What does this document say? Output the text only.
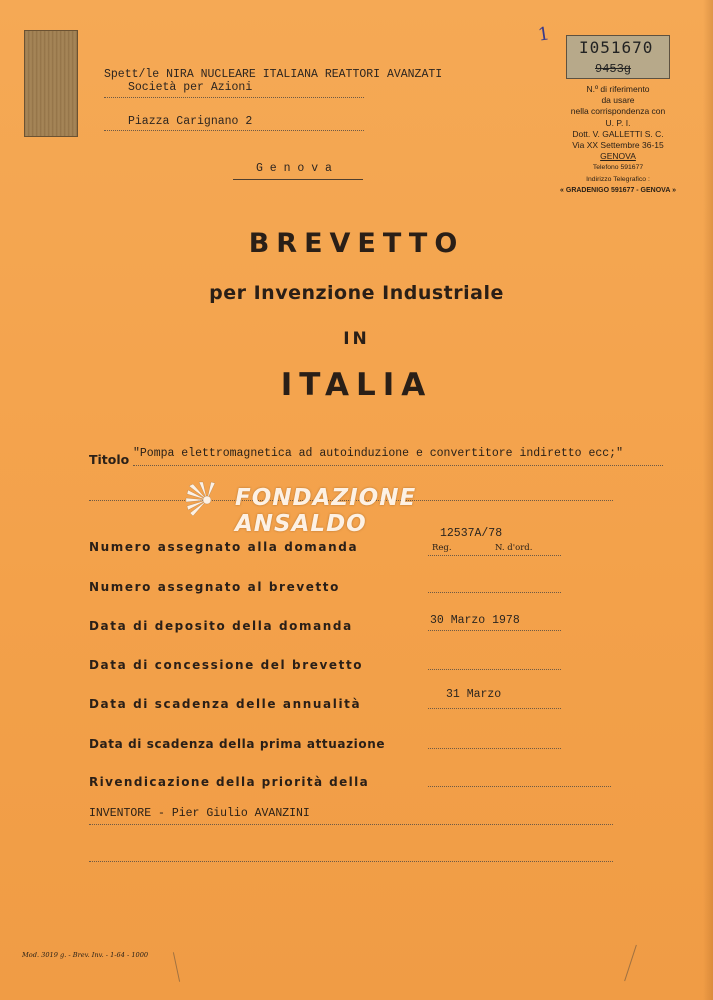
1
I051670
9453g
N.º di riferimento
da usare
nella corrispondenza con
U. P. I.
Dott. V. GALLETTI S. C.
Via XX Settembre 36-15
GENOVA
Telefono 591677
Indirizzo Telegrafico :
« GRADENIGO 591677 - GENOVA »
Spett/le NIRA NUCLEARE ITALIANA REATTORI AVANZATI
Società per Azioni
Piazza Carignano 2
G e n o v a
BREVETTO
per Invenzione Industriale
IN
ITALIA
Titolo "Pompa elettromagnetica ad autoinduzione e convertitore indiretto ecc;"
FONDAZIONE ANSALDO
Numero assegnato alla domanda
12537A/78
Reg.	N. d'ord.
Numero assegnato al brevetto
Data di deposito della domanda	30 Marzo 1978
Data di concessione del brevetto
Data di scadenza delle annualità
31 Marzo
Data di scadenza della prima attuazione
Rivendicazione della priorità della
INVENTORE - Pier Giulio AVANZINI
Mod. 3019 g. - Brev. Inv. - 1-64 - 1000
